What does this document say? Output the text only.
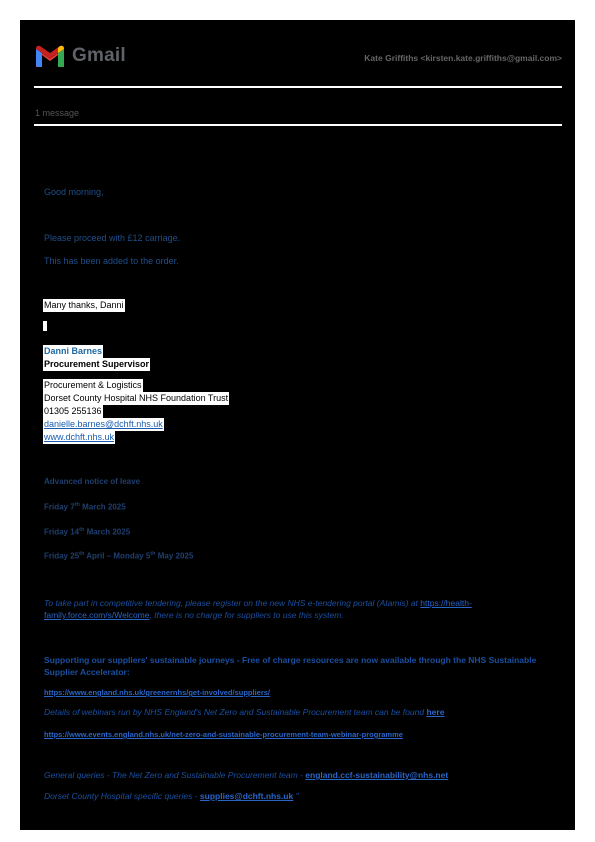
Gmail	Kate Griffiths <kirsten.kate.griffiths@gmail.com>
1 message
Good morning,
Please proceed with £12 carriage.
This has been added to the order.
Many thanks, Danni
Danni Barnes
Procurement Supervisor
Procurement & Logistics
Dorset County Hospital NHS Foundation Trust
01305 255136
danielle.barnes@dchft.nhs.uk
www.dchft.nhs.uk
Advanced notice of leave
Friday 7th March 2025
Friday 14th March 2025
Friday 25th April – Monday 5th May 2025
To take part in competitive tendering, please register on the new NHS e-tendering portal (Atamis) at https://health-family.force.com/s/Welcome, there is no charge for suppliers to use this system.
Supporting our suppliers' sustainable journeys - Free of charge resources are now available through the NHS Sustainable Supplier Accelerator:
https://www.england.nhs.uk/greenernhs/get-involved/suppliers/
Details of webinars run by NHS England's Net Zero and Sustainable Procurement team can be found here
https://www.events.england.nhs.uk/net-zero-and-sustainable-procurement-team-webinar-programme
General queries - The Net Zero and Sustainable Procurement team - england.ccf-sustainability@nhs.net
Dorset County Hospital specific queries - supplies@dchft.nhs.uk "
